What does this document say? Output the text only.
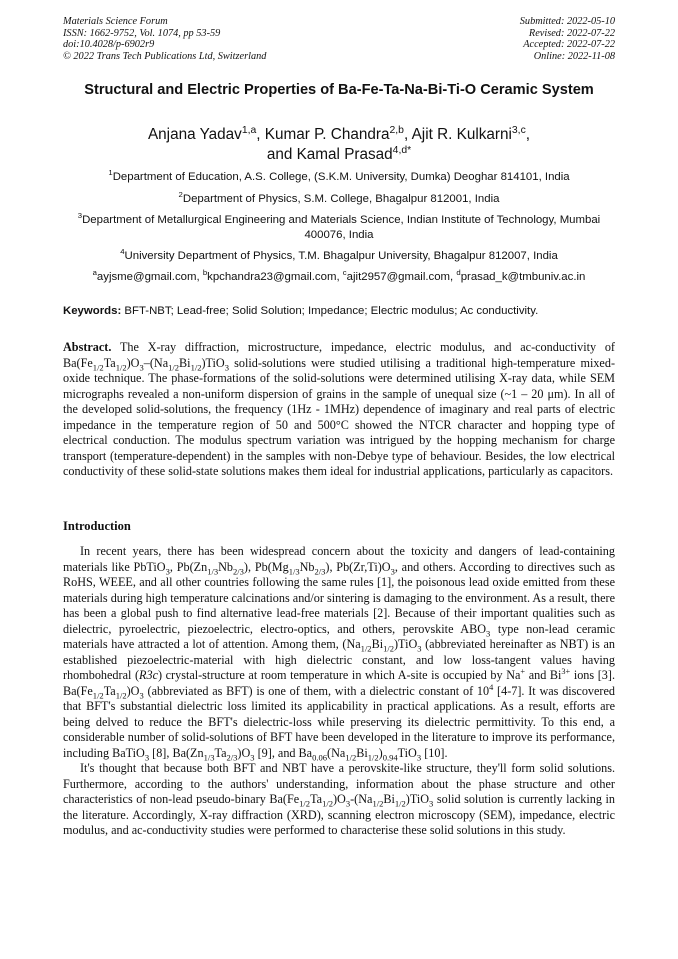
Materials Science Forum
ISSN: 1662-9752, Vol. 1074, pp 53-59
doi:10.4028/p-6902r9
© 2022 Trans Tech Publications Ltd, Switzerland
Submitted: 2022-05-10
Revised: 2022-07-22
Accepted: 2022-07-22
Online: 2022-11-08
Structural and Electric Properties of Ba-Fe-Ta-Na-Bi-Ti-O Ceramic System
Anjana Yadav$^{1,a}$, Kumar P. Chandra$^{2,b}$, Ajit R. Kulkarni$^{3,c}$,
and Kamal Prasad$^{4,d*}$
$^1$Department of Education, A.S. College, (S.K.M. University, Dumka) Deoghar 814101, India
$^2$Department of Physics, S.M. College, Bhagalpur 812001, India
$^3$Department of Metallurgical Engineering and Materials Science, Indian Institute of Technology, Mumbai 400076, India
$^4$University Department of Physics, T.M. Bhagalpur University, Bhagalpur 812007, India
$^a$ayjsme@gmail.com, $^b$kpchandra23@gmail.com, $^c$ajit2957@gmail.com, $^d$prasad_k@tmbuniv.ac.in
Keywords: BFT-NBT; Lead-free; Solid Solution; Impedance; Electric modulus; Ac conductivity.

Abstract. The X-ray diffraction, microstructure, impedance, electric modulus, and ac-conductivity of $Ba(Fe_{1/2}Ta_{1/2})O_3-(Na_{1/2}Bi_{1/2})TiO_3$ solid-solutions were studied utilising a traditional high-temperature mixed-oxide technique. The phase-formations of the solid-solutions were determined utilising X-ray data, while SEM micrographs revealed a non-uniform dispersion of grains in the sample of unequal size (~1 – 20 μm). In all of the developed solid-solutions, the frequency (1Hz - 1MHz) dependence of imaginary and real parts of electric impedance in the temperature region of 50 and 500°C showed the NTCR character and hopping type of electrical conduction. The modulus spectrum variation was intrigued by the hopping mechanism for charge transport (temperature-dependent) in the samples with non-Debye type of behaviour. Besides, the low electrical conductivity of these solid-state solutions makes them ideal for industrial applications, particularly as capacitors.

Introduction

In recent years, there has been widespread concern about the toxicity and dangers of lead-containing materials like PbTiO$_3$, $Pb(Zn_{1/3}Nb_{2/3})$, $Pb(Mg_{1/3}Nb_{2/3})$, $Pb(Zr,Ti)O_3$, and others. According to directives such as RoHS, WEEE, and all other countries following the same rules [1], the poisonous lead oxide emitted from these materials during high temperature calcinations and/or sintering is damaging to the environment. As a result, there has been a global push to find alternative lead-free materials [2]. Because of their important qualities such as dielectric, pyroelectric, piezoelectric, electro-optics, and others, perovskite $ABO_3$ type non-lead ceramic materials have attracted a lot of attention. Among them, $(Na_{1/2}Bi_{1/2})TiO_3$ (abbreviated hereinafter as NBT) is an established piezoelectric-material with high dielectric constant, and low loss-tangent values having rhombohedral (R3c) crystal-structure at room temperature in which A-site is occupied by Na+ and $Bi^{3+}$ ions [3]. $Ba(Fe_{1/2}Ta_{1/2})O_3$ (abbreviated as BFT) is one of them, with a dielectric constant of $10^4$ [4-7]. It was discovered that BFT's substantial dielectric loss limited its applicability in practical applications. As a result, efforts are being delved to reduce the BFT's dielectric-loss while preserving its dielectric permittivity. To this end, a considerable number of solid-solutions of BFT have been developed in the literature to improve its performance, including BaTiO$_3$ [8], $Ba(Zn_{1/3}Ta_{2/3})O_3$ [9], and $Ba_{0.06}(Na_{1/2}Bi_{1/2})_{0.94}TiO_3$ [10].

It's thought that because both BFT and NBT have a perovskite-like structure, they'll form solid solutions. Furthermore, according to the authors' understanding, information about the phase structure and other characteristics of non-lead pseudo-binary $Ba(Fe_{1/2}Ta_{1/2})O_3-(Na_{1/2}Bi_{1/2})TiO_3$ solid solution is currently lacking in the literature. Accordingly, X-ray diffraction (XRD), scanning electron microscopy (SEM), impedance, electric modulus, and ac-conductivity studies were performed to characterise these solid solutions in this study.
